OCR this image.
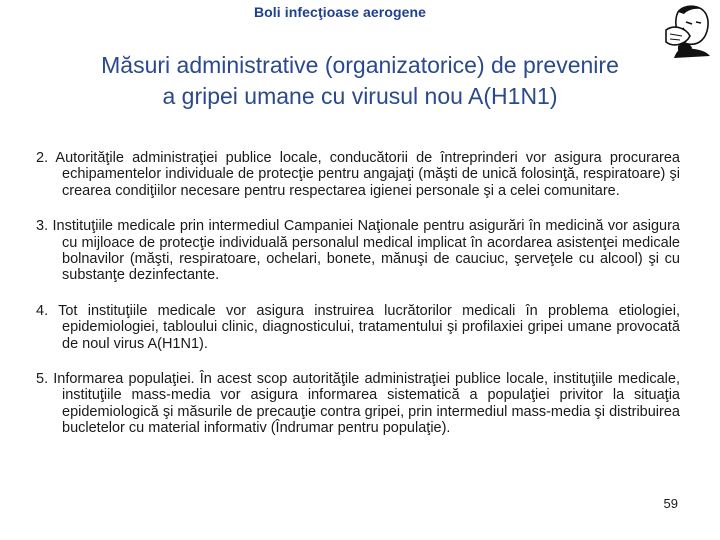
Boli infecţioase aerogene
Măsuri administrative (organizatorice) de prevenire
a gripei umane cu virusul nou A(H1N1)
2. Autorităţile administraţiei publice locale, conducătorii de întreprinderi vor asigura procurarea echipamentelor individuale de protecţie pentru angajaţi (măşti de unică folosinţă, respiratoare) şi crearea condiţiilor necesare pentru respectarea igienei personale şi a celei comunitare.
3. Instituţiile medicale prin intermediul Campaniei Naţionale pentru asigurări în medicină vor asigura cu mijloace de protecţie individuală personalul medical implicat în acordarea asistenţei medicale bolnavilor (măşti, respiratoare, ochelari, bonete, mănuşi de cauciuc, şerveţele cu alcool) şi cu substanţe dezinfectante.
4. Tot instituţiile medicale vor asigura instruirea lucrătorilor medicali în problema etiologiei, epidemiologiei, tabloului clinic, diagnosticului, tratamentului şi profilaxiei gripei umane provocată de noul virus A(H1N1).
5. Informarea populaţiei. În acest scop autorităţile administraţiei publice locale, instituţiile medicale, instituţiile mass-media vor asigura informarea sistematică a populaţiei privitor la situaţia epidemiologică şi măsurile de precauţie contra gripei, prin intermediul mass-media şi distribuirea bucletelor cu material informativ (Îndrumar pentru populaţie).
59
